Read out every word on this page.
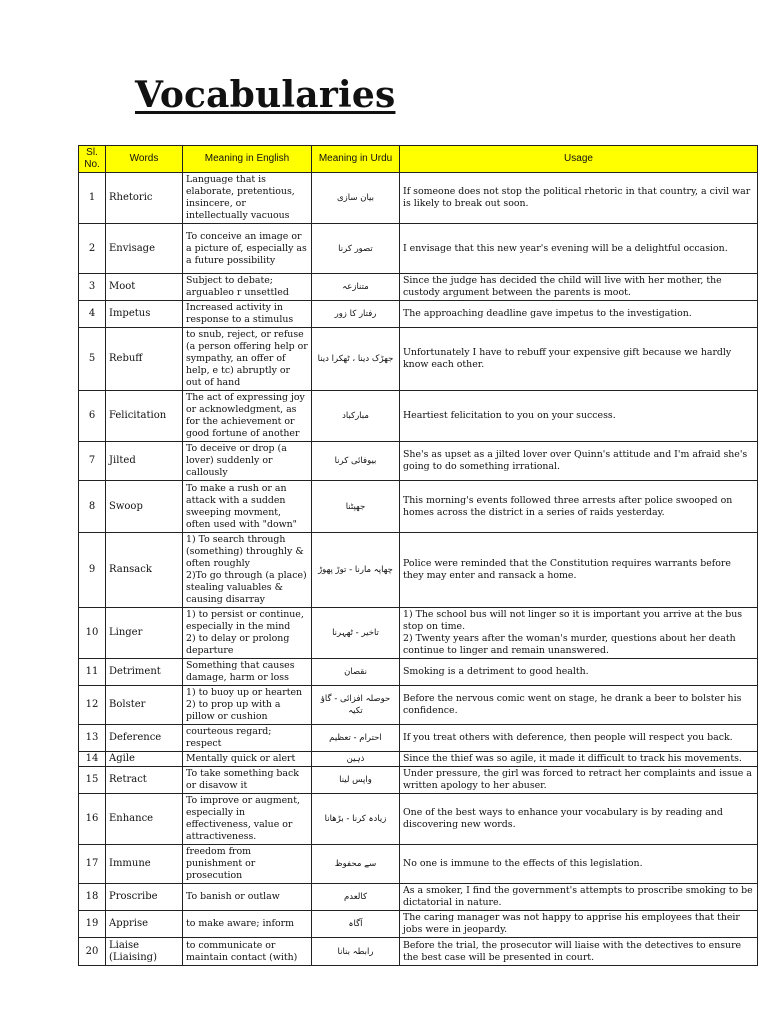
Vocabularies
Sl. No.	Words	Meaning in English	Meaning in Urdu	Usage
1	Rhetoric	Language that is elaborate, pretentious, insincere, or intellectually vacuous	بیان سازی	If someone does not stop the political rhetoric in that country, a civil war is likely to break out soon.
2	Envisage	To conceive an image or a picture of, especially as a future possibility	تصور کرنا	I envisage that this new year's evening will be a delightful occasion.
3	Moot	Subject to debate; arguableo r unsettled	متنازعہ	Since the judge has decided the child will live with her mother, the custody argument between the parents is moot.
4	Impetus	Increased activity in response to a stimulus	رفتار کا زور	The approaching deadline gave impetus to the investigation.
5	Rebuff	to snub, reject, or refuse (a person offering help or sympathy, an offer of help, e tc) abruptly or out of hand	جھڑک دینا ، ٹھکرا دینا	Unfortunately I have to rebuff your expensive gift because we hardly know each other.
6	Felicitation	The act of expressing joy or acknowledgment, as for the achievement or good fortune of another	مبارکباد	Heartiest felicitation to you on your success.
7	Jilted	To deceive or drop (a lover) suddenly or callously	بیوفائی کرنا	She's as upset as a jilted lover over Quinn's attitude and I'm afraid she's going to do something irrational.
8	Swoop	To make a rush or an attack with a sudden sweeping movment, often used with "down"	جھپٹنا	This morning's events followed three arrests after police swooped on homes across the district in a series of raids yesterday.
9	Ransack	1) To search through (something) throughly & often roughly
2)To go through (a place) stealing valuables & causing disarray	چھاپہ مارنا - توڑ پھوڑ	Police were reminded that the Constitution requires warrants before they may enter and ransack a home.
10	Linger	1) to persist or continue, especially in the mind
2) to delay or prolong departure	تاخیر - ٹھہرنا	1) The school bus will not linger so it is important you arrive at the bus stop on time.
2) Twenty years after the woman's murder, questions about her death continue to linger and remain unanswered.
11	Detriment	Something that causes damage, harm or loss	نقصان	Smoking is a detriment to good health.
12	Bolster	1) to buoy up or hearten
2) to prop up with a pillow or cushion	حوصلہ افزائی - گاؤ تکیہ	Before the nervous comic went on stage, he drank a beer to bolster his confidence.
13	Deference	courteous regard; respect	احترام - تعظیم	If you treat others with deference, then people will respect you back.
14	Agile	Mentally quick or alert	ذہین	Since the thief was so agile, it made it difficult to track his movements.
15	Retract	To take something back or disavow it	واپس لینا	Under pressure, the girl was forced to retract her complaints and issue a written apology to her abuser.
16	Enhance	To improve or augment, especially in effectiveness, value or attractiveness.	زیادہ کرنا - بڑھانا	One of the best ways to enhance your vocabulary is by reading and discovering new words.
17	Immune	freedom from punishment or prosecution	سے محفوظ	No one is immune to the effects of this legislation.
18	Proscribe	To banish or outlaw	کالعدم	As a smoker, I find the government's attempts to proscribe smoking to be dictatorial in nature.
19	Apprise	to make aware; inform	آگاہ	The caring manager was not happy to apprise his employees that their jobs were in jeopardy.
20	Liaise (Liaising)	to communicate or maintain contact (with)	رابطہ بنانا	Before the trial, the prosecutor will liaise with the detectives to ensure the best case will be presented in court.
